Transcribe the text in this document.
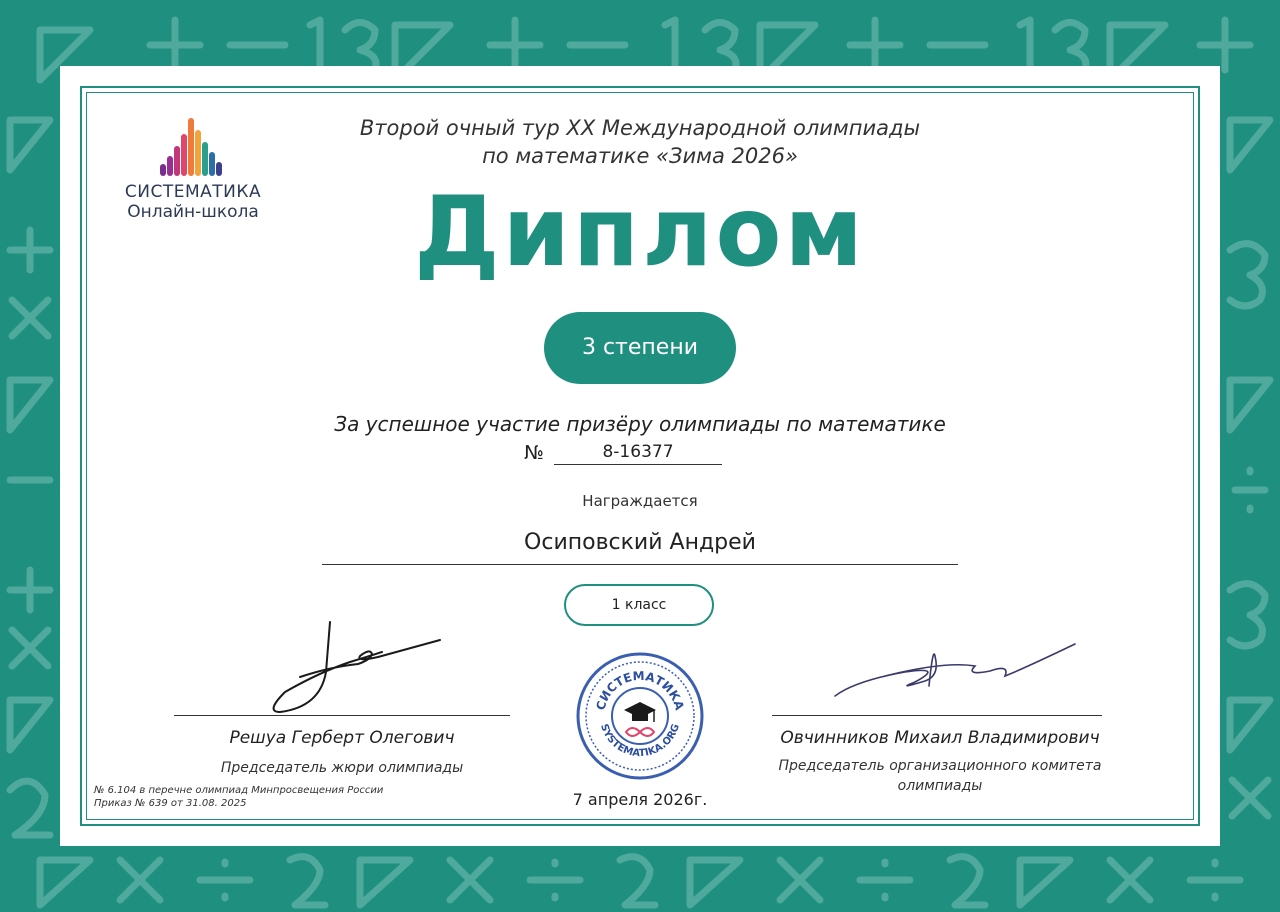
СИСТЕМАТИКА
Онлайн-школа
Второй очный тур XX Международной олимпиады
по математике «Зима 2026»
Диплом
3 степени
За успешное участие призёру олимпиады по математике
№	8-16377
Награждается
Осиповский Андрей
1 класс
Решуа Герберт Олегович
Председатель жюри олимпиады
Овчинников Михаил Владимирович
Председатель организационного комитета
олимпиады
СИСТЕМАТИКА
SYSTEMATIKA.ORG
7 апреля 2026г.
№ 6.104 в перечне олимпиад Минпросвещения России
Приказ № 639 от 31.08. 2025
